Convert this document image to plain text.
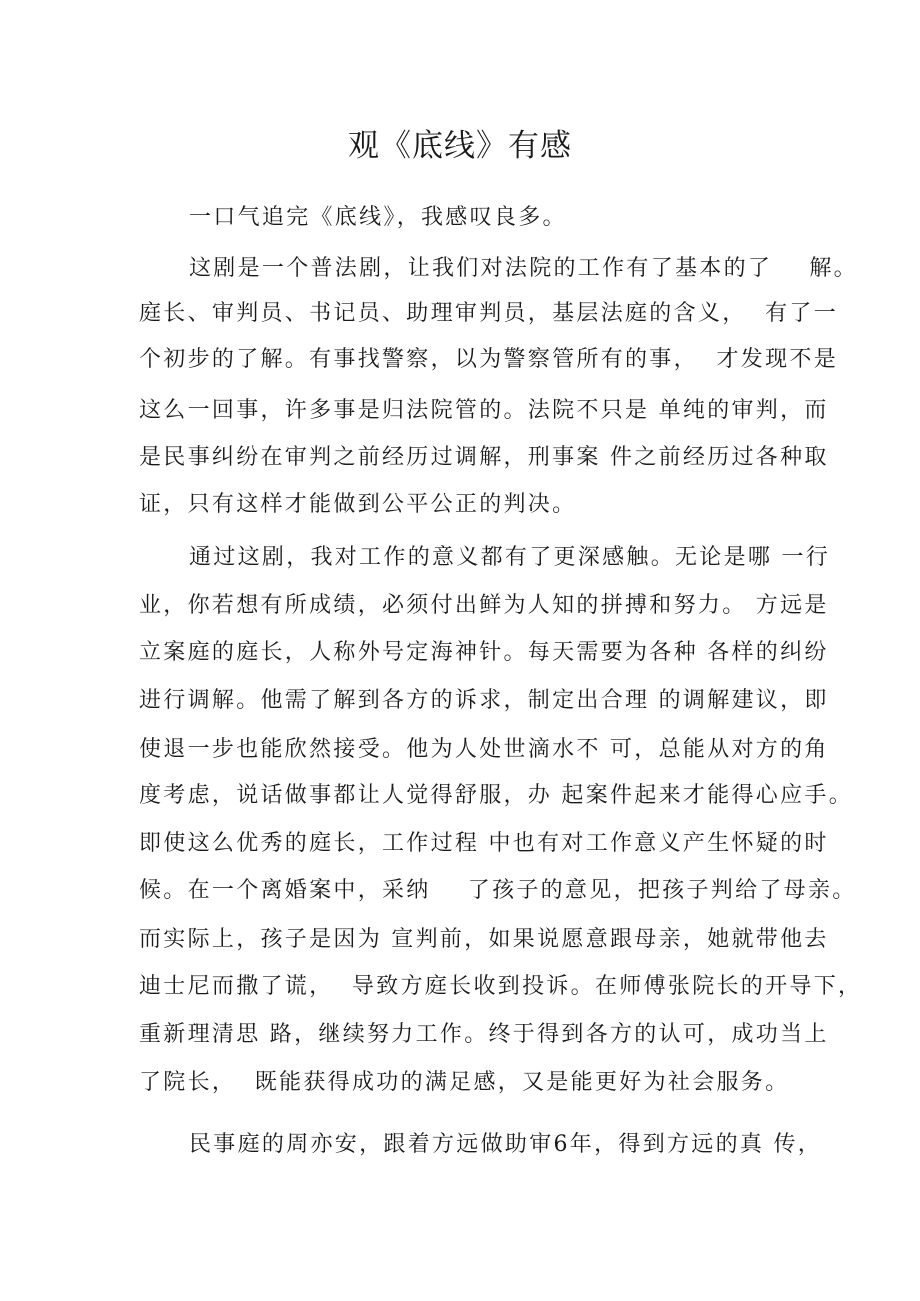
观《底线》有感
一口气追完《底线》，我感叹良多。
这剧是一个普法剧，让我们对法院的工作有了基本的了    解。
庭长、审判员、书记员、助理审判员，基层法庭的含义，  有了一
个初步的了解。有事找警察，以为警察管所有的事，  才发现不是
这么一回事，许多事是归法院管的。法院不只是 单纯的审判，而
是民事纠纷在审判之前经历过调解，刑事案 件之前经历过各种取
证，只有这样才能做到公平公正的判决。
通过这剧，我对工作的意义都有了更深感触。无论是哪 一行
业，你若想有所成绩，必须付出鲜为人知的拼搏和努力。 方远是
立案庭的庭长，人称外号定海神针。每天需要为各种 各样的纠纷
进行调解。他需了解到各方的诉求，制定出合理 的调解建议，即
使退一步也能欣然接受。他为人处世滴水不 可，总能从对方的角
度考虑，说话做事都让人觉得舒服，办 起案件起来才能得心应手。
即使这么优秀的庭长，工作过程 中也有对工作意义产生怀疑的时
候。在一个离婚案中，采纳    了孩子的意见，把孩子判给了母亲。
而实际上，孩子是因为 宣判前，如果说愿意跟母亲，她就带他去
迪士尼而撒了谎，  导致方庭长收到投诉。在师傅张院长的开导下，
重新理清思 路，继续努力工作。终于得到各方的认可，成功当上
了院长，  既能获得成功的满足感，又是能更好为社会服务。
民事庭的周亦安，跟着方远做助审6年，得到方远的真 传，
